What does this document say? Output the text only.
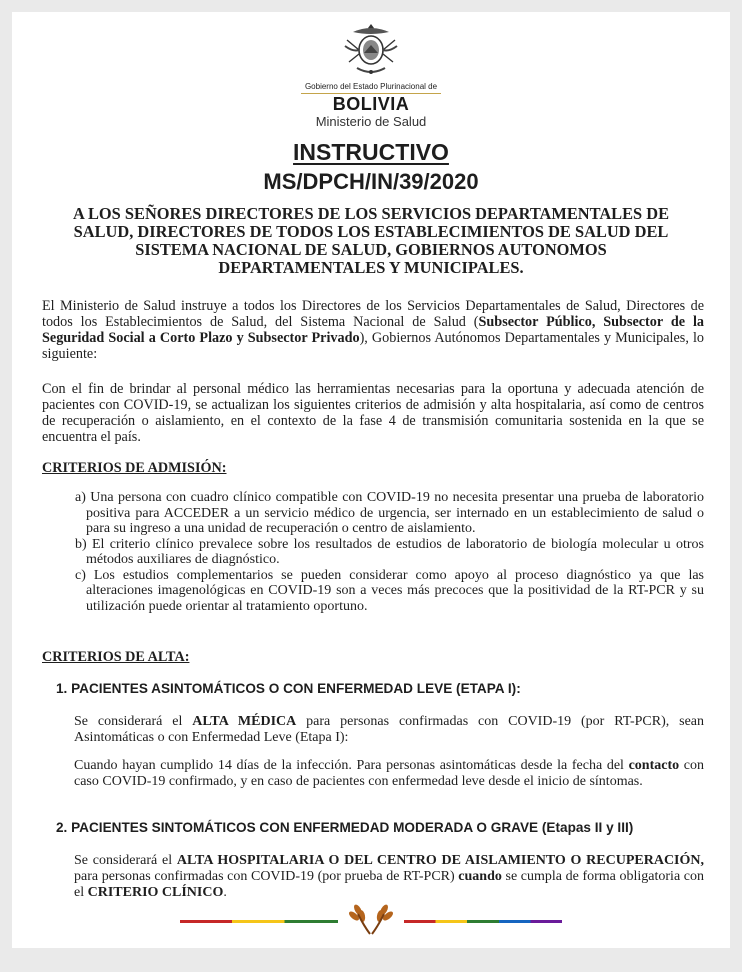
Gobierno del Estado Plurinacional de
BOLIVIA
Ministerio de Salud
INSTRUCTIVO
MS/DPCH/IN/39/2020
A LOS SEÑORES DIRECTORES DE LOS SERVICIOS DEPARTAMENTALES DE SALUD, DIRECTORES DE TODOS LOS ESTABLECIMIENTOS DE SALUD DEL SISTEMA NACIONAL DE SALUD, GOBIERNOS AUTONOMOS DEPARTAMENTALES Y MUNICIPALES.
El Ministerio de Salud instruye a todos los Directores de los Servicios Departamentales de Salud, Directores de todos los Establecimientos de Salud, del Sistema Nacional de Salud (Subsector Público, Subsector de la Seguridad Social a Corto Plazo y Subsector Privado), Gobiernos Autónomos Departamentales y Municipales, lo siguiente:
Con el fin de brindar al personal médico las herramientas necesarias para la oportuna y adecuada atención de pacientes con COVID-19, se actualizan los siguientes criterios de admisión y alta hospitalaria, así como de centros de recuperación o aislamiento, en el contexto de la fase 4 de transmisión comunitaria sostenida en la que se encuentra el país.
CRITERIOS DE ADMISIÓN:

a) Una persona con cuadro clínico compatible con COVID-19 no necesita presentar una prueba de laboratorio positiva para ACCEDER a un servicio médico de urgencia, ser internado en un establecimiento de salud o para su ingreso a una unidad de recuperación o centro de aislamiento.

b) El criterio clínico prevalece sobre los resultados de estudios de laboratorio de biología molecular u otros métodos auxiliares de diagnóstico.

c) Los estudios complementarios se pueden considerar como apoyo al proceso diagnóstico ya que las alteraciones imagenológicas en COVID-19 son a veces más precoces que la positividad de la RT-PCR y su utilización puede orientar al tratamiento oportuno.

CRITERIOS DE ALTA:
1. PACIENTES ASINTOMÁTICOS O CON ENFERMEDAD LEVE (ETAPA I):
Se considerará el ALTA MÉDICA para personas confirmadas con COVID-19 (por RT-PCR), sean Asintomáticas o con Enfermedad Leve (Etapa I):
Cuando hayan cumplido 14 días de la infección. Para personas asintomáticas desde la fecha del contacto con caso COVID-19 confirmado, y en caso de pacientes con enfermedad leve desde el inicio de síntomas.
2. PACIENTES SINTOMÁTICOS CON ENFERMEDAD MODERADA O GRAVE (Etapas II y III)
Se considerará el ALTA HOSPITALARIA O DEL CENTRO DE AISLAMIENTO O RECUPERACIÓN, para personas confirmadas con COVID-19 (por prueba de RT-PCR) cuando se cumpla de forma obligatoria con el CRITERIO CLÍNICO.
